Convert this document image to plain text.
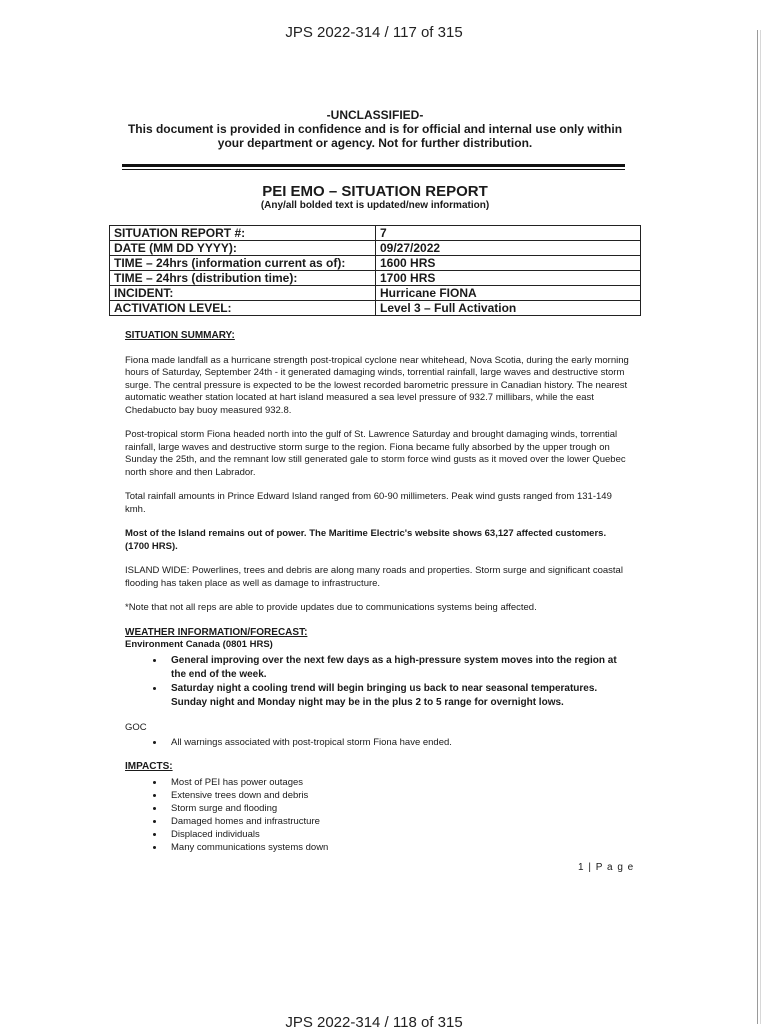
JPS 2022-314 / 117 of 315
-UNCLASSIFIED-
This document is provided in confidence and is for official and internal use only within
your department or agency. Not for further distribution.
PEI EMO – SITUATION REPORT
(Any/all bolded text is updated/new information)
SITUATION REPORT #:	7
DATE (MM DD YYYY):	09/27/2022
TIME – 24hrs (information current as of):	1600 HRS
TIME – 24hrs (distribution time):	1700 HRS
INCIDENT:	Hurricane FIONA
ACTIVATION LEVEL:	Level 3 – Full Activation
SITUATION SUMMARY:

Fiona made landfall as a hurricane strength post-tropical cyclone near whitehead, Nova Scotia, during the early morning hours of Saturday, September 24th - it generated damaging winds, torrential rainfall, large waves and destructive storm surge. The central pressure is expected to be the lowest recorded barometric pressure in Canadian history. The nearest automatic weather station located at hart island measured a sea level pressure of 932.7 millibars, while the east Chedabucto bay buoy measured 932.8.

Post-tropical storm Fiona headed north into the gulf of St. Lawrence Saturday and brought damaging winds, torrential rainfall, large waves and destructive storm surge to the region. Fiona became fully absorbed by the upper trough on Sunday the 25th, and the remnant low still generated gale to storm force wind gusts as it moved over the lower Quebec north shore and then Labrador.

Total rainfall amounts in Prince Edward Island ranged from 60-90 millimeters. Peak wind gusts ranged from 131-149 kmh.

Most of the Island remains out of power. The Maritime Electric's website shows 63,127 affected customers. (1700 HRS).

ISLAND WIDE: Powerlines, trees and debris are along many roads and properties. Storm surge and significant coastal flooding has taken place as well as damage to infrastructure.

*Note that not all reps are able to provide updates due to communications systems being affected.

WEATHER INFORMATION/FORECAST:
Environment Canada (0801 HRS)
• General improving over the next few days as a high-pressure system moves into the region at the end of the week.
• Saturday night a cooling trend will begin bringing us back to near seasonal temperatures. Sunday night and Monday night may be in the plus 2 to 5 range for overnight lows.
GOC
• All warnings associated with post-tropical storm Fiona have ended.
IMPACTS:
• Most of PEI has power outages
• Extensive trees down and debris
• Storm surge and flooding
• Damaged homes and infrastructure
• Displaced individuals
• Many communications systems down
1 | P a g e
JPS 2022-314 / 118 of 315
